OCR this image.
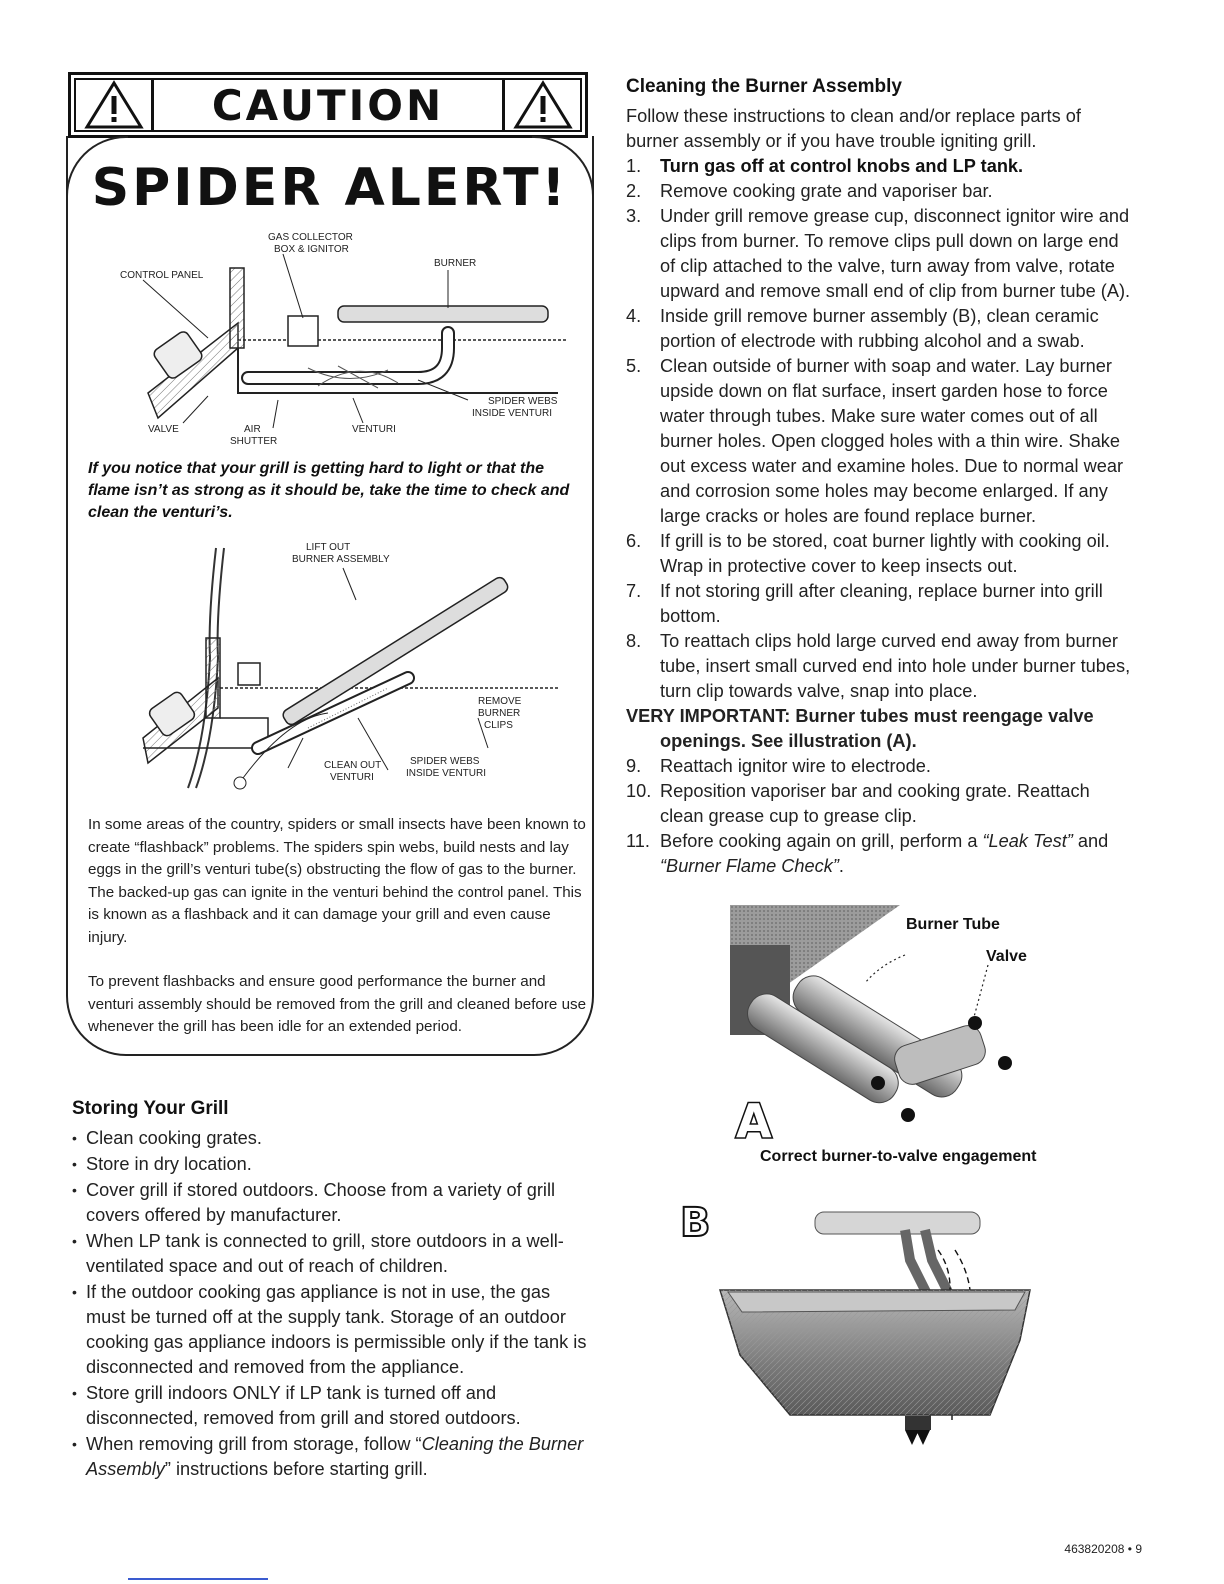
CAUTION
SPIDER ALERT!
GAS COLLECTOR
BOX & IGNITOR
BURNER
CONTROL PANEL
SPIDER WEBS
INSIDE VENTURI
VALVE	AIR
SHUTTER
VENTURI
If you notice that your grill is getting hard to light or that the flame isn’t as strong as it should be, take the time to check and clean the venturi’s.
LIFT OUT
BURNER ASSEMBLY
REMOVE
BURNER
CLIPS
CLEAN OUT
VENTURI
SPIDER WEBS
INSIDE VENTURI

In some areas of the country, spiders or small insects have been known to create “flashback” problems. The spiders spin webs, build nests and lay eggs in the grill’s venturi tube(s) obstructing the flow of gas to the burner. The backed-up gas can ignite in the venturi behind the control panel. This is known as a flashback and it can damage your grill and even cause injury.

To prevent flashbacks and ensure good performance the burner and venturi assembly should be removed from the grill and cleaned before use whenever the grill has been idle for an extended period.

Storing Your Grill
• Clean cooking grates.
• Store in dry location.
• Cover grill if stored outdoors. Choose from a variety of grill covers offered by manufacturer.
• When LP tank is connected to grill, store outdoors in a well-ventilated space and out of reach of children.
• If the outdoor cooking gas appliance is not in use, the gas must be turned off at the supply tank. Storage of an outdoor cooking gas appliance indoors is permissible only if the tank is disconnected and removed from the appliance.
• Store grill indoors ONLY if LP tank is turned off and disconnected, removed from grill and stored outdoors.
• When removing grill from storage, follow “Cleaning the Burner Assembly” instructions before starting grill.
Cleaning the Burner Assembly

Follow these instructions to clean and/or replace parts of burner assembly or if you have trouble igniting grill.

1.	Turn gas off at control knobs and LP tank.
2.	Remove cooking grate and vaporiser bar.
3.	Under grill remove grease cup, disconnect ignitor wire and clips from burner. To remove clips pull down on large end of clip attached to the valve, turn away from valve, rotate upward and remove small end of clip from burner tube (A).
4.	Inside grill remove burner assembly (B), clean ceramic portion of electrode with rubbing alcohol and a swab.
5.	Clean outside of burner with soap and water. Lay burner upside down on flat surface, insert garden hose to force water through tubes. Make sure water comes out of all burner holes. Open clogged holes with a thin wire. Shake out excess water and examine holes. Due to normal wear and corrosion some holes may become enlarged. If any large cracks or holes are found replace burner.
6.	If grill is to be stored, coat burner lightly with cooking oil. Wrap in protective cover to keep insects out.
7.	If not storing grill after cleaning, replace burner into grill bottom.
8.	To reattach clips hold large curved end away from burner tube, insert small curved end into hole under burner tubes, turn clip towards valve, snap into place.
VERY IMPORTANT: Burner tubes must reengage valve openings. See illustration (A).
9.	Reattach ignitor wire to electrode.
10. Reposition vaporiser bar and cooking grate. Reattach clean grease cup to grease clip.
11. Before cooking again on grill, perform a “Leak Test” and “Burner Flame Check”.
A
Burner Tube
Valve
Correct burner-to-valve engagement
B
463820208 • 9
